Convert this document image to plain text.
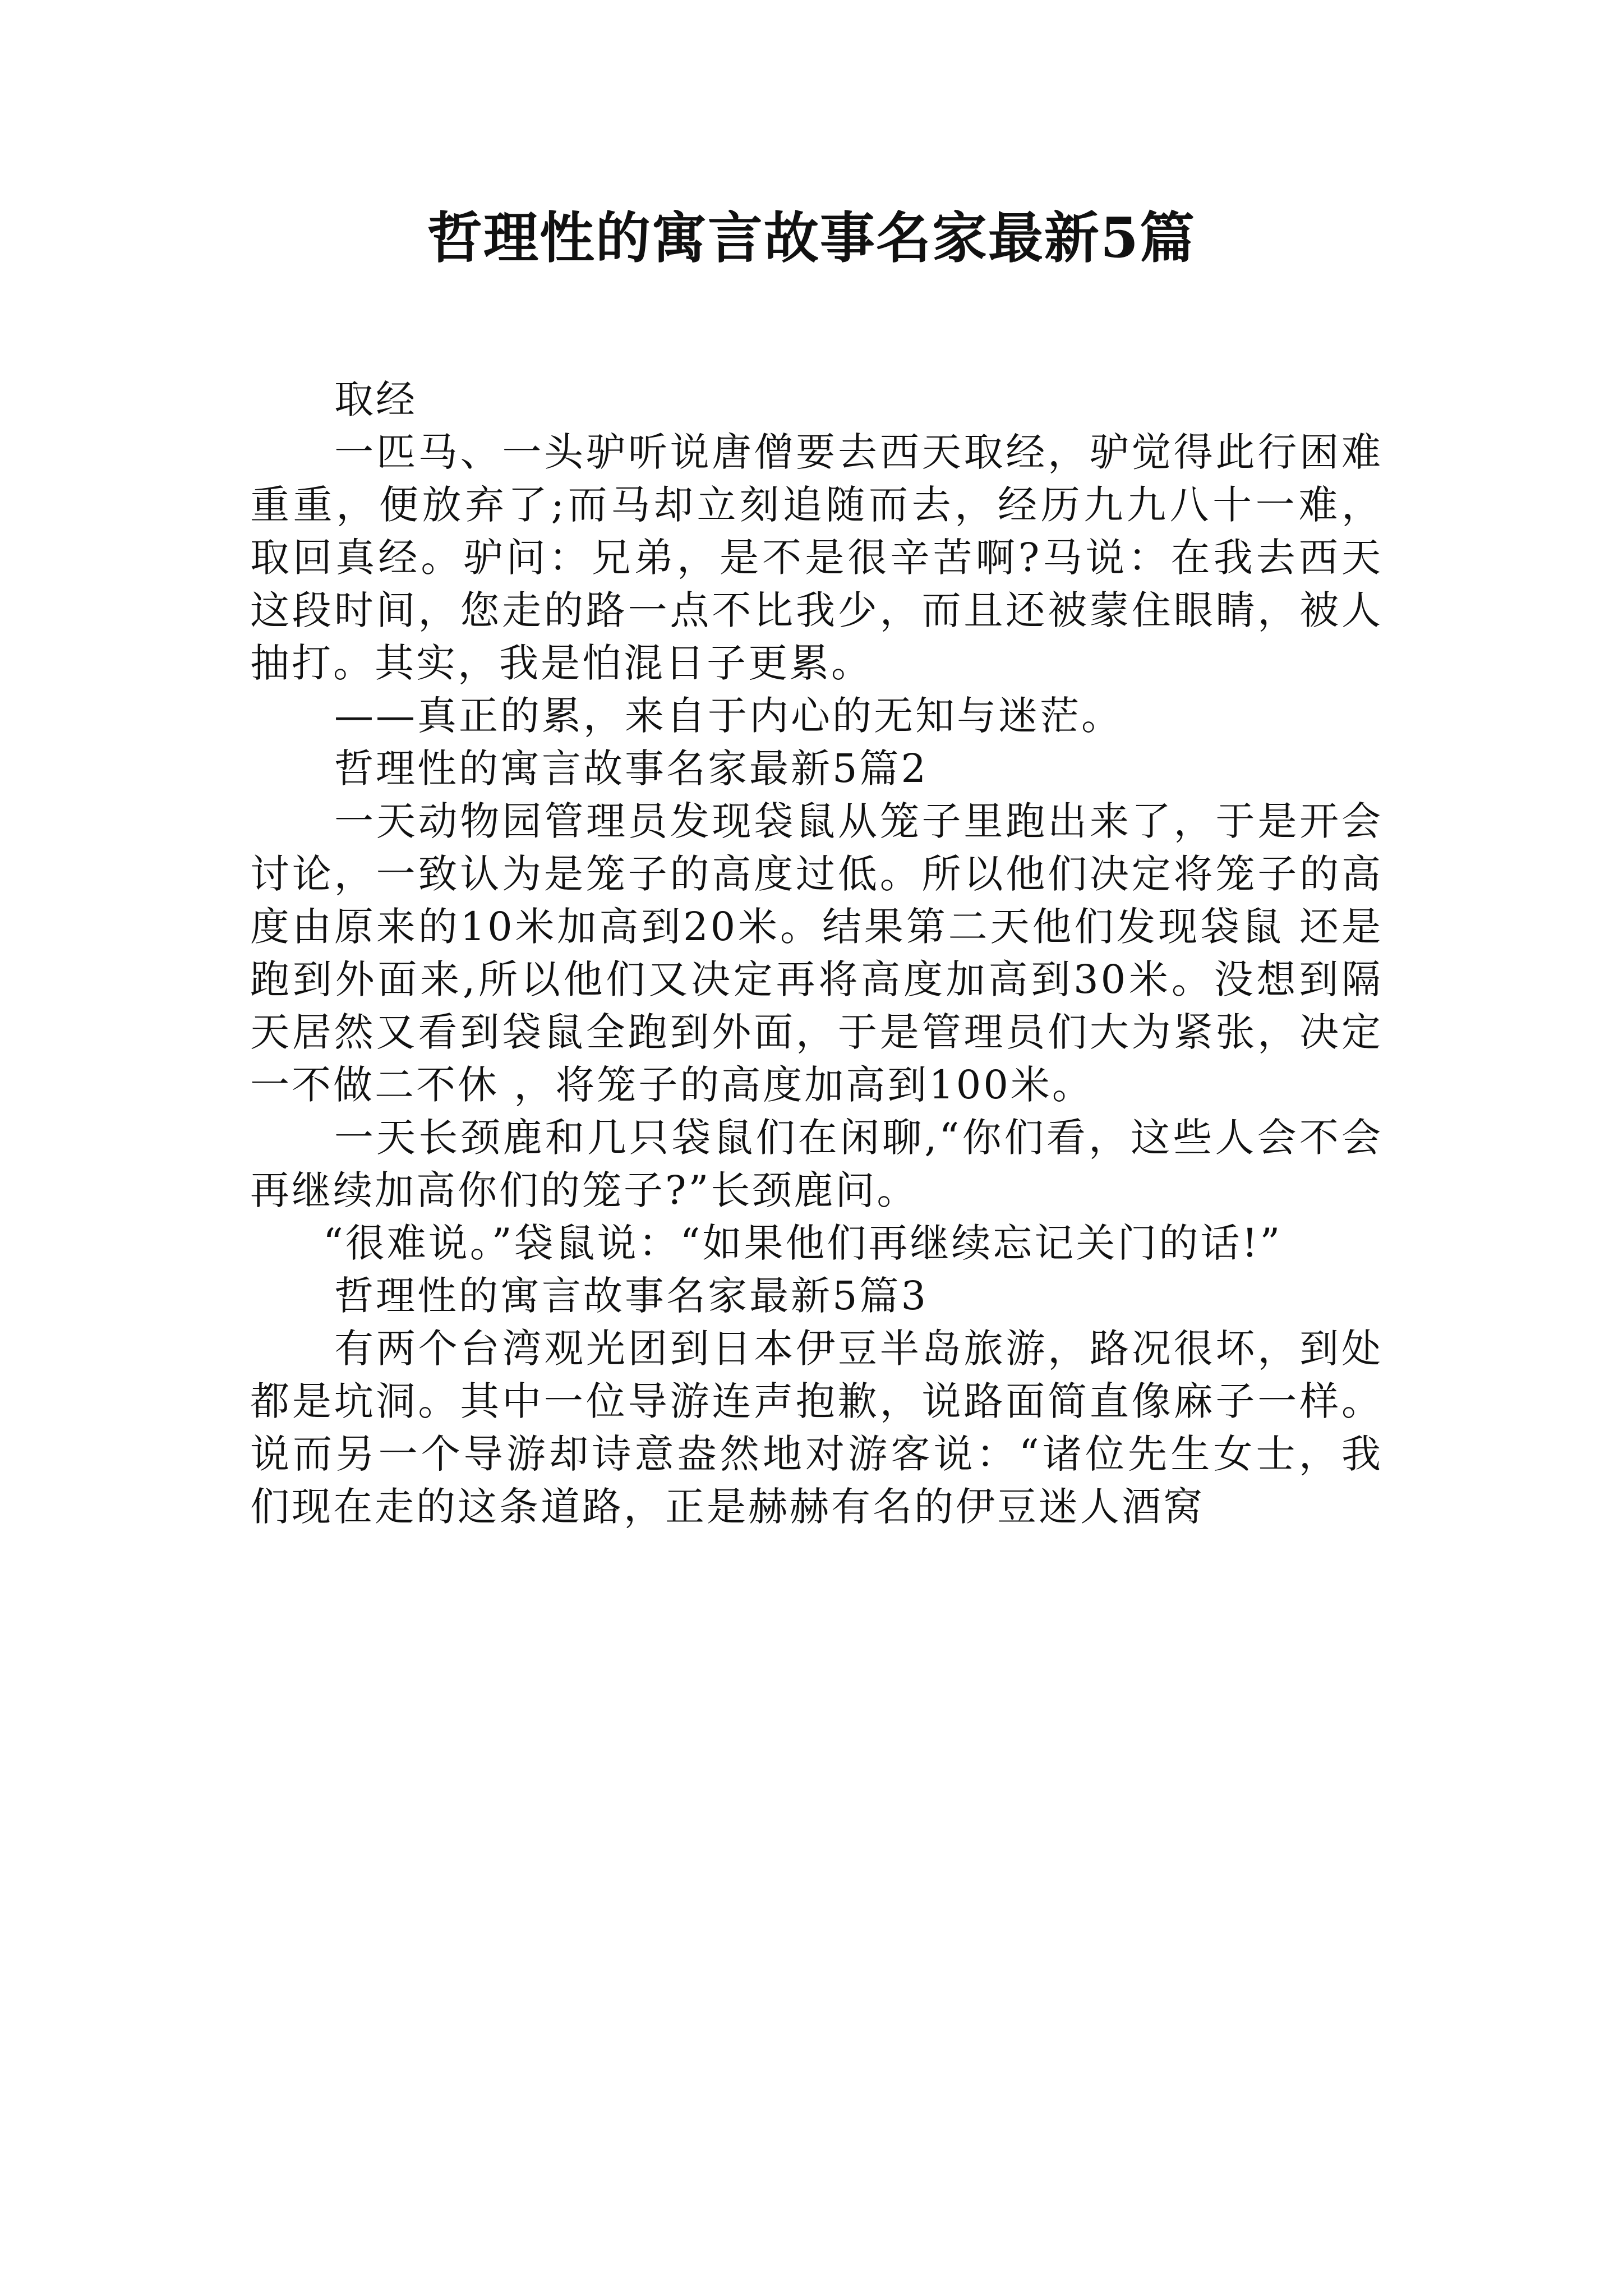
哲理性的寓言故事名家最新5篇

取经

一匹马、一头驴听说唐僧要去西天取经，驴觉得此行困难重重，便放弃了;而马却立刻追随而去，经历九九八十一难，取回真经。驴问：兄弟，是不是很辛苦啊?马说：在我去西天这段时间，您走的路一点不比我少，而且还被蒙住眼睛，被人抽打。其实，我是怕混日子更累。

——真正的累，来自于内心的无知与迷茫。

哲理性的寓言故事名家最新5篇2

一天动物园管理员发现袋鼠从笼子里跑出来了，于是开会讨论，一致认为是笼子的高度过低。所以他们决定将笼子的高度由原来的10米加高到20米。结果第二天他们发现袋鼠 还是跑到外面来,所以他们又决定再将高度加高到30米。没想到隔天居然又看到袋鼠全跑到外面，于是管理员们大为紧张，决定一不做二不休 ，将笼子的高度加高到100米。

一天长颈鹿和几只袋鼠们在闲聊,“你们看，这些人会不会再继续加高你们的笼子?”长颈鹿问。

“很难说。”袋鼠说：“如果他们再继续忘记关门的话!”

哲理性的寓言故事名家最新5篇3

有两个台湾观光团到日本伊豆半岛旅游，路况很坏，到处都是坑洞。其中一位导游连声抱歉，说路面简直像麻子一样。说而另一个导游却诗意盎然地对游客说：“诸位先生女士，我们现在走的这条道路，正是赫赫有名的伊豆迷人酒窝
